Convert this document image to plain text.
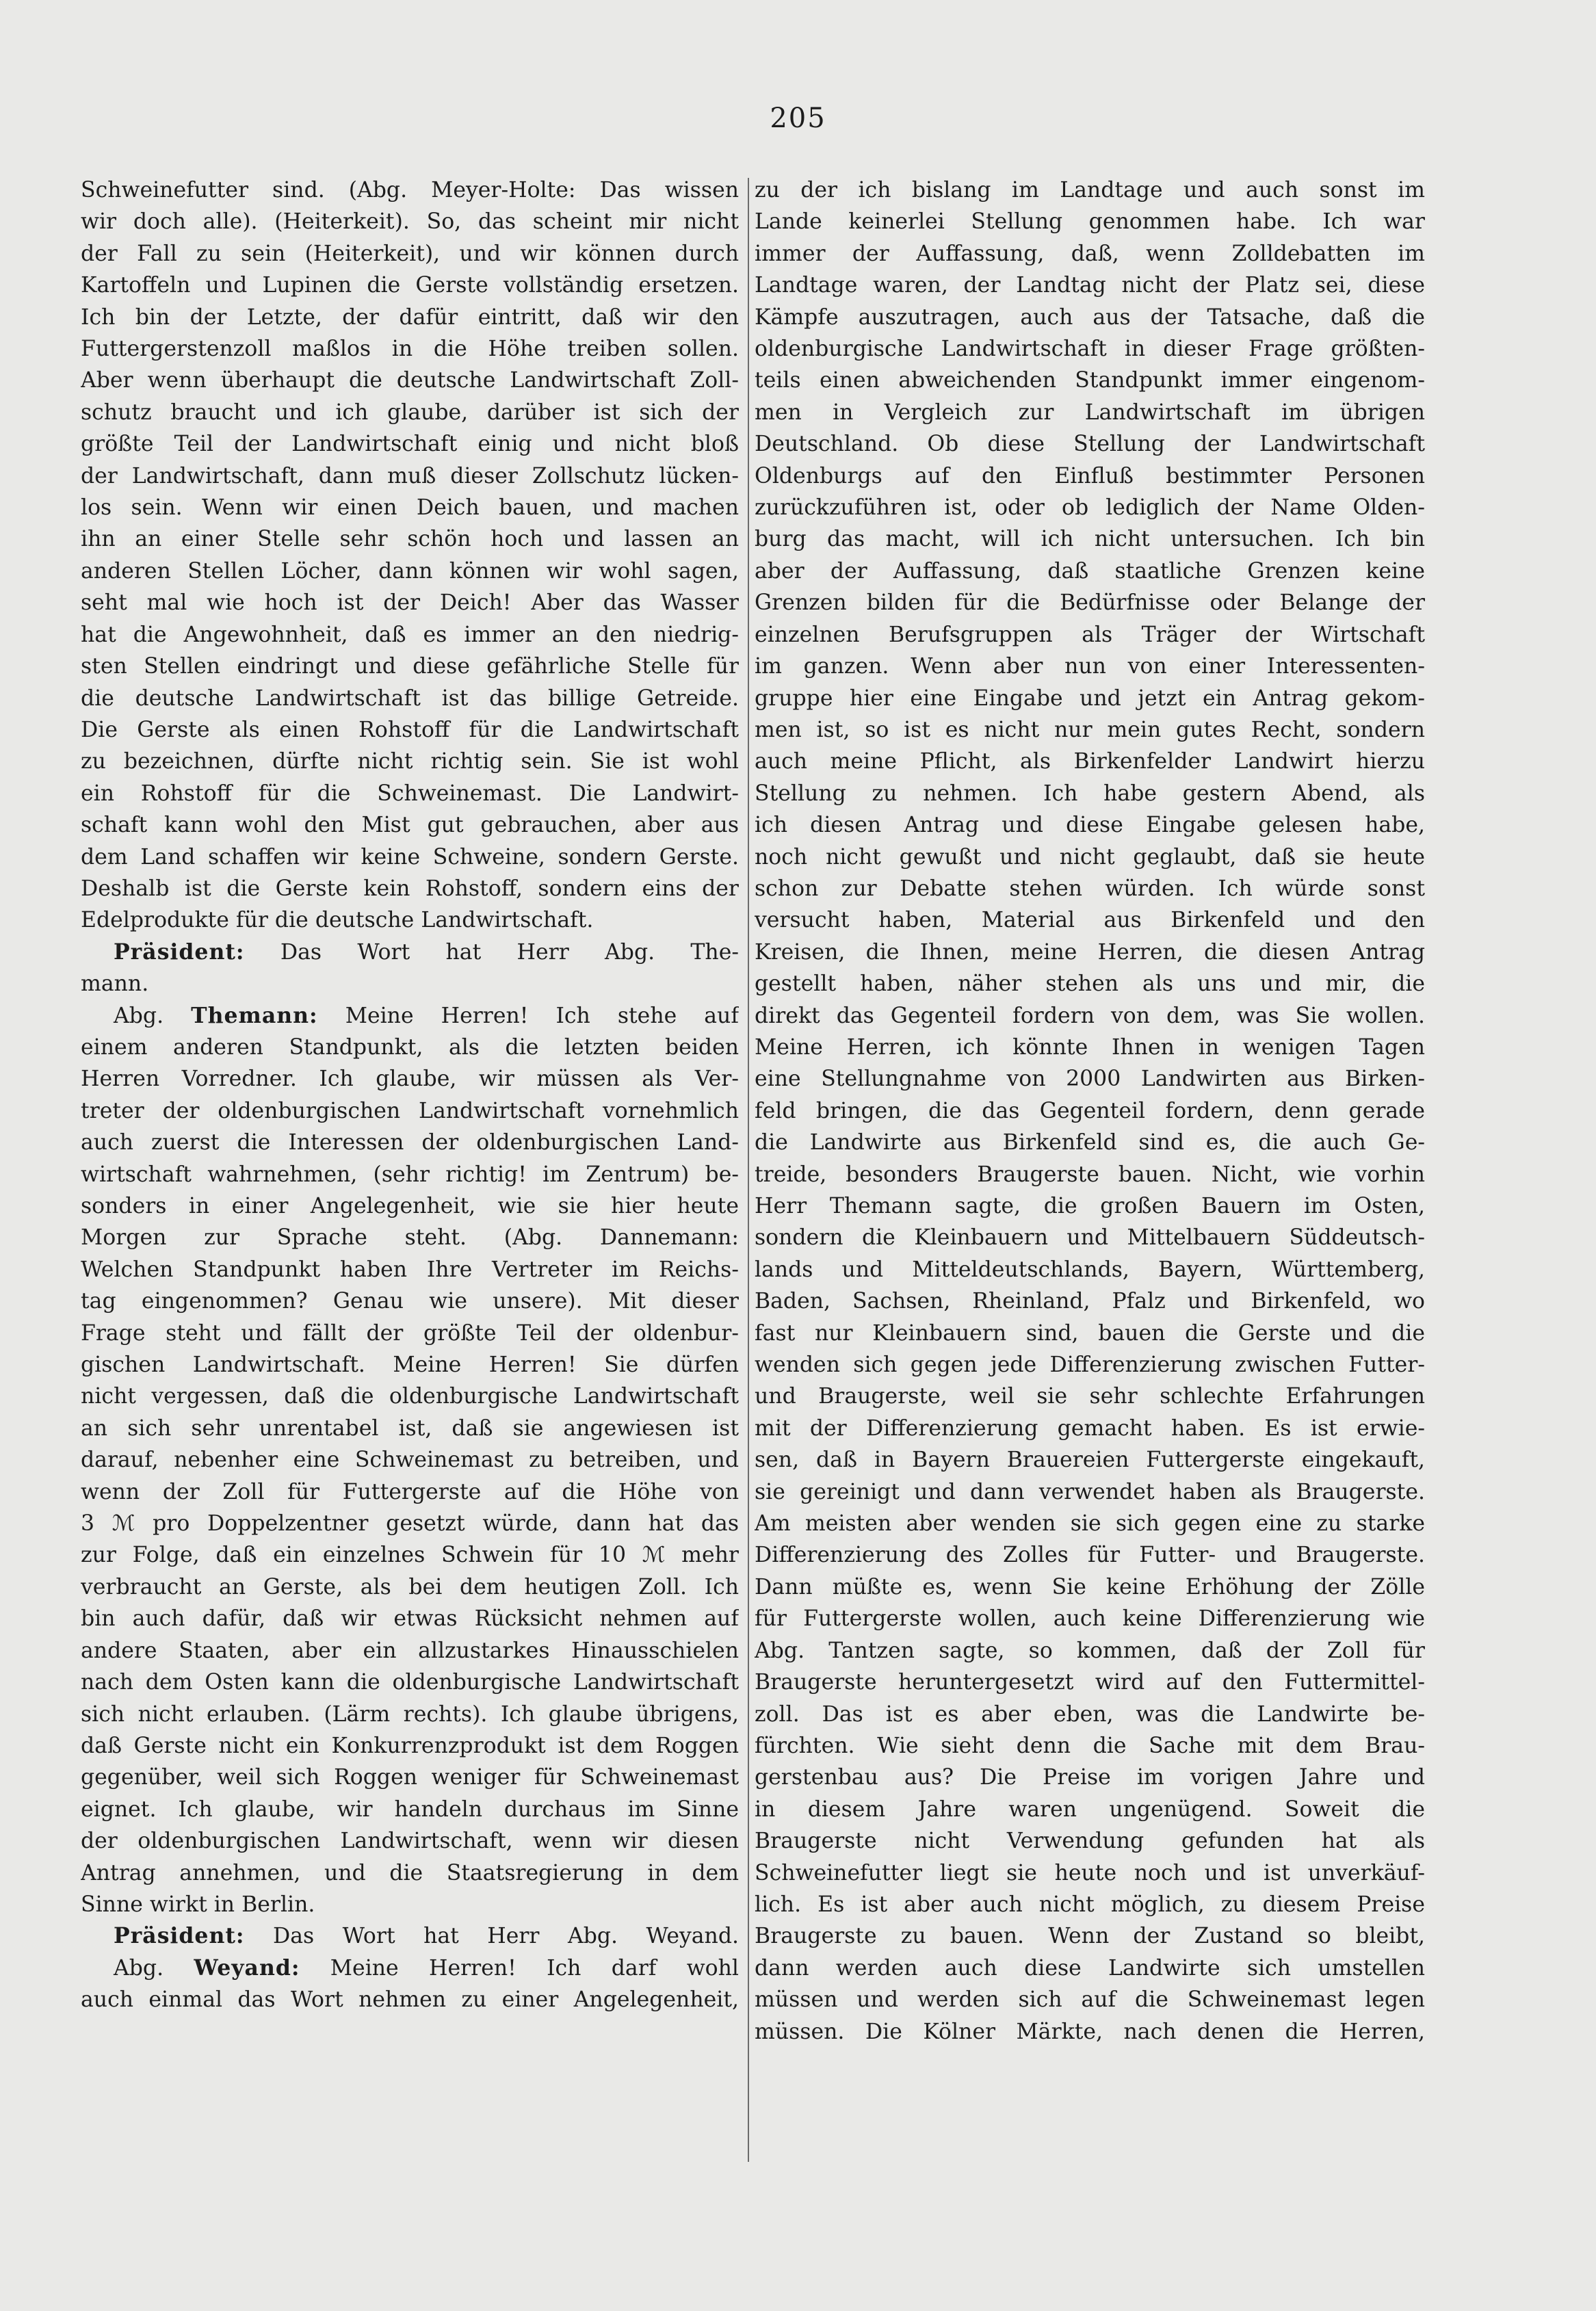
205
Schweinefutter sind. (Abg. Meyer-Holte: Das wissen
wir doch alle). (Heiterkeit). So, das scheint mir nicht
der Fall zu sein (Heiterkeit), und wir können durch
Kartoffeln und Lupinen die Gerste vollständig ersetzen.
Ich bin der Letzte, der dafür eintritt, daß wir den
Futtergerstenzoll maßlos in die Höhe treiben sollen.
Aber wenn überhaupt die deutsche Landwirtschaft Zoll-
schutz braucht und ich glaube, darüber ist sich der
größte Teil der Landwirtschaft einig und nicht bloß
der Landwirtschaft, dann muß dieser Zollschutz lücken-
los sein. Wenn wir einen Deich bauen, und machen
ihn an einer Stelle sehr schön hoch und lassen an
anderen Stellen Löcher, dann können wir wohl sagen,
seht mal wie hoch ist der Deich! Aber das Wasser
hat die Angewohnheit, daß es immer an den niedrig-
sten Stellen eindringt und diese gefährliche Stelle für
die deutsche Landwirtschaft ist das billige Getreide.
Die Gerste als einen Rohstoff für die Landwirtschaft
zu bezeichnen, dürfte nicht richtig sein. Sie ist wohl
ein Rohstoff für die Schweinemast. Die Landwirt-
schaft kann wohl den Mist gut gebrauchen, aber aus
dem Land schaffen wir keine Schweine, sondern Gerste.
Deshalb ist die Gerste kein Rohstoff, sondern eins der
Edelprodukte für die deutsche Landwirtschaft.
Präsident: Das Wort hat Herr Abg. The-
mann.
Abg. Themann: Meine Herren! Ich stehe auf
einem anderen Standpunkt, als die letzten beiden
Herren Vorredner. Ich glaube, wir müssen als Ver-
treter der oldenburgischen Landwirtschaft vornehmlich
auch zuerst die Interessen der oldenburgischen Land-
wirtschaft wahrnehmen, (sehr richtig! im Zentrum) be-
sonders in einer Angelegenheit, wie sie hier heute
Morgen zur Sprache steht. (Abg. Dannemann:
Welchen Standpunkt haben Ihre Vertreter im Reichs-
tag eingenommen? Genau wie unsere). Mit dieser
Frage steht und fällt der größte Teil der oldenbur-
gischen Landwirtschaft. Meine Herren! Sie dürfen
nicht vergessen, daß die oldenburgische Landwirtschaft
an sich sehr unrentabel ist, daß sie angewiesen ist
darauf, nebenher eine Schweinemast zu betreiben, und
wenn der Zoll für Futtergerste auf die Höhe von
3 ℳ pro Doppelzentner gesetzt würde, dann hat das
zur Folge, daß ein einzelnes Schwein für 10 ℳ mehr
verbraucht an Gerste, als bei dem heutigen Zoll. Ich
bin auch dafür, daß wir etwas Rücksicht nehmen auf
andere Staaten, aber ein allzustarkes Hinausschielen
nach dem Osten kann die oldenburgische Landwirtschaft
sich nicht erlauben. (Lärm rechts). Ich glaube übrigens,
daß Gerste nicht ein Konkurrenzprodukt ist dem Roggen
gegenüber, weil sich Roggen weniger für Schweinemast
eignet. Ich glaube, wir handeln durchaus im Sinne
der oldenburgischen Landwirtschaft, wenn wir diesen
Antrag annehmen, und die Staatsregierung in dem
Sinne wirkt in Berlin.
Präsident: Das Wort hat Herr Abg. Weyand.
Abg. Weyand: Meine Herren! Ich darf wohl
auch einmal das Wort nehmen zu einer Angelegenheit,
zu der ich bislang im Landtage und auch sonst im
Lande keinerlei Stellung genommen habe. Ich war
immer der Auffassung, daß, wenn Zolldebatten im
Landtage waren, der Landtag nicht der Platz sei, diese
Kämpfe auszutragen, auch aus der Tatsache, daß die
oldenburgische Landwirtschaft in dieser Frage größten-
teils einen abweichenden Standpunkt immer eingenom-
men in Vergleich zur Landwirtschaft im übrigen
Deutschland. Ob diese Stellung der Landwirtschaft
Oldenburgs auf den Einfluß bestimmter Personen
zurückzuführen ist, oder ob lediglich der Name Olden-
burg das macht, will ich nicht untersuchen. Ich bin
aber der Auffassung, daß staatliche Grenzen keine
Grenzen bilden für die Bedürfnisse oder Belange der
einzelnen Berufsgruppen als Träger der Wirtschaft
im ganzen. Wenn aber nun von einer Interessenten-
gruppe hier eine Eingabe und jetzt ein Antrag gekom-
men ist, so ist es nicht nur mein gutes Recht, sondern
auch meine Pflicht, als Birkenfelder Landwirt hierzu
Stellung zu nehmen. Ich habe gestern Abend, als
ich diesen Antrag und diese Eingabe gelesen habe,
noch nicht gewußt und nicht geglaubt, daß sie heute
schon zur Debatte stehen würden. Ich würde sonst
versucht haben, Material aus Birkenfeld und den
Kreisen, die Ihnen, meine Herren, die diesen Antrag
gestellt haben, näher stehen als uns und mir, die
direkt das Gegenteil fordern von dem, was Sie wollen.
Meine Herren, ich könnte Ihnen in wenigen Tagen
eine Stellungnahme von 2000 Landwirten aus Birken-
feld bringen, die das Gegenteil fordern, denn gerade
die Landwirte aus Birkenfeld sind es, die auch Ge-
treide, besonders Braugerste bauen. Nicht, wie vorhin
Herr Themann sagte, die großen Bauern im Osten,
sondern die Kleinbauern und Mittelbauern Süddeutsch-
lands und Mitteldeutschlands, Bayern, Württemberg,
Baden, Sachsen, Rheinland, Pfalz und Birkenfeld, wo
fast nur Kleinbauern sind, bauen die Gerste und die
wenden sich gegen jede Differenzierung zwischen Futter-
und Braugerste, weil sie sehr schlechte Erfahrungen
mit der Differenzierung gemacht haben. Es ist erwie-
sen, daß in Bayern Brauereien Futtergerste eingekauft,
sie gereinigt und dann verwendet haben als Braugerste.
Am meisten aber wenden sie sich gegen eine zu starke
Differenzierung des Zolles für Futter- und Braugerste.
Dann müßte es, wenn Sie keine Erhöhung der Zölle
für Futtergerste wollen, auch keine Differenzierung wie
Abg. Tantzen sagte, so kommen, daß der Zoll für
Braugerste heruntergesetzt wird auf den Futtermittel-
zoll. Das ist es aber eben, was die Landwirte be-
fürchten. Wie sieht denn die Sache mit dem Brau-
gerstenbau aus? Die Preise im vorigen Jahre und
in diesem Jahre waren ungenügend. Soweit die
Braugerste nicht Verwendung gefunden hat als
Schweinefutter liegt sie heute noch und ist unverkäuf-
lich. Es ist aber auch nicht möglich, zu diesem Preise
Braugerste zu bauen. Wenn der Zustand so bleibt,
dann werden auch diese Landwirte sich umstellen
müssen und werden sich auf die Schweinemast legen
müssen. Die Kölner Märkte, nach denen die Herren,
